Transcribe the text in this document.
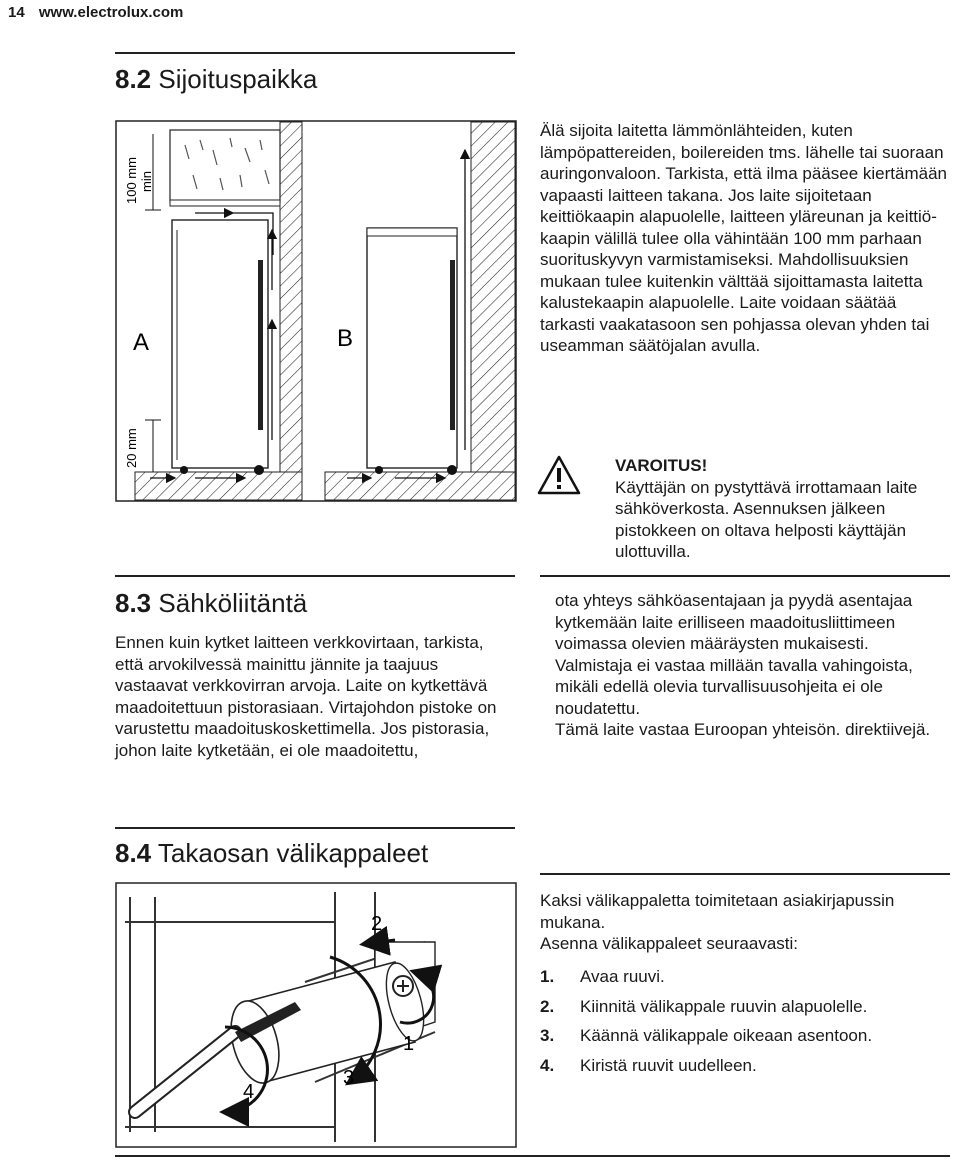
14 www.electrolux.com
8.2 Sijoituspaikka
100 mm min
20 mm
A	B
Älä sijoita laitetta lämmönlähteiden, kuten lämpöpattereiden, boilereiden tms. lähelle tai suoraan auringonvaloon. Tarkista, että ilma pääsee kiertämään vapaasti laitteen takana. Jos laite sijoitetaan keittiökaapin alapuolelle, laitteen yläreunan ja keittiökaapin välillä tulee olla vähintään 100 mm parhaan suorituskyvyn varmistamiseksi. Mahdollisuuksien mukaan tulee kuitenkin välttää sijoittamasta laitetta kalustekaapin alapuolelle. Laite voidaan säätää tarkasti vaakatasoon sen pohjassa olevan yhden tai useamman säätöjalan avulla.

VAROITUS!

Käyttäjän on pystyttävä irrottamaan laite sähköverkosta. Asennuksen jälkeen pistokkeen on oltava helposti käyttäjän ulottuvilla.

8.3 Sähköliitäntä
Ennen kuin kytket laitteen verkkovirtaan, tarkista, että arvokilvessä mainittu jännite ja taajuus vastaavat verkkovirran arvoja. Laite on kytkettävä maadoitettuun pistorasiaan. Virtajohdon pistoke on varustettu maadoituskoskettimella. Jos pistorasia, johon laite kytketään, ei ole maadoitettu,

ota yhteys sähköasentajaan ja pyydä asentajaa kytkemään laite erilliseen maadoitusliittimeen voimassa olevien määräysten mukaisesti.

Valmistaja ei vastaa millään tavalla vahingoista, mikäli edellä olevia turvallisuusohjeita ei ole noudatettu.

Tämä laite vastaa Euroopan yhteisön. direktiivejä.

8.4 Takaosan välikappaleet
2
1
3
4

Kaksi välikappaletta toimitetaan asiakirjapussin mukana.

Asenna välikappaleet seuraavasti:

1. Avaa ruuvi.
2. Kiinnitä välikappale ruuvin alapuolelle.
3. Käännä välikappale oikeaan asentoon.
4. Kiristä ruuvit uudelleen.
